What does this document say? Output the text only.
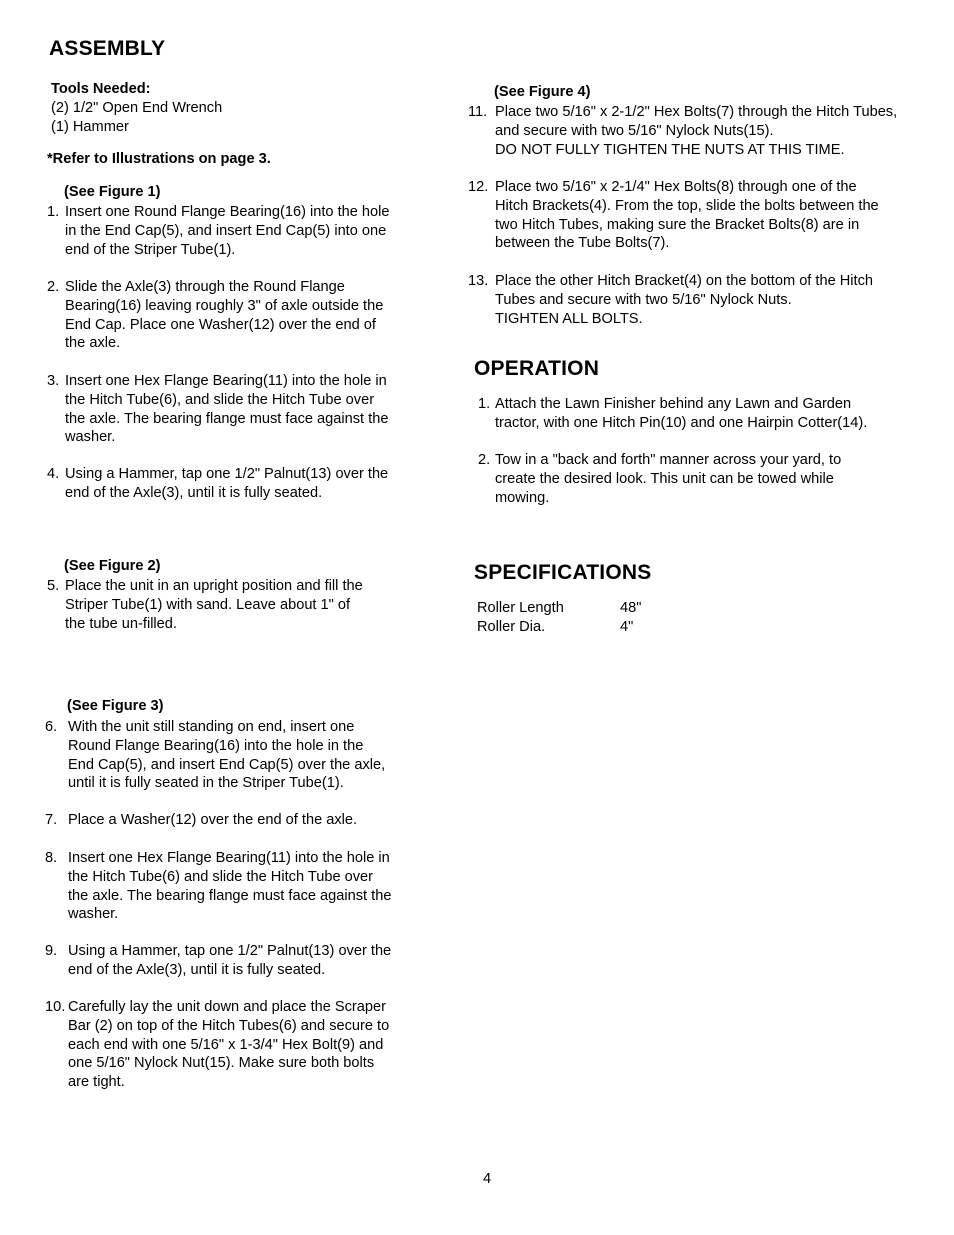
ASSEMBLY
Tools Needed:
(2) 1/2" Open End Wrench
(1) Hammer
*Refer to Illustrations on page 3.
(See Figure 1)
1. Insert one Round Flange Bearing(16) into the hole
in the End Cap(5), and insert End Cap(5) into one
end of the Striper Tube(1).
2. Slide the Axle(3) through the Round Flange
Bearing(16) leaving roughly 3" of axle outside the
End Cap. Place one Washer(12) over the end of
the axle.
3. Insert one Hex Flange Bearing(11) into the hole in
the Hitch Tube(6), and slide the Hitch Tube over
the axle. The bearing flange must face against the
washer.
4. Using a Hammer, tap one 1/2" Palnut(13) over the
end of the Axle(3), until it is fully seated.
(See Figure 2)
5. Place the unit in an upright position and fill the
Striper Tube(1) with sand. Leave about 1" of
the tube un-filled.
(See Figure 3)
6. With the unit still standing on end, insert one
Round Flange Bearing(16) into the hole in the
End Cap(5), and insert End Cap(5) over the axle,
until it is fully seated in the Striper Tube(1).
7. Place a Washer(12) over the end of the axle.
8. Insert one Hex Flange Bearing(11) into the hole in
the Hitch Tube(6) and slide the Hitch Tube over
the axle. The bearing flange must face against the
washer.
9. Using a Hammer, tap one 1/2" Palnut(13) over the
end of the Axle(3), until it is fully seated.
10. Carefully lay the unit down and place the Scraper
Bar (2) on top of the Hitch Tubes(6) and secure to
each end with one 5/16" x 1-3/4" Hex Bolt(9) and
one 5/16" Nylock Nut(15). Make sure both bolts
are tight.
(See Figure 4)
11. Place two 5/16" x 2-1/2" Hex Bolts(7) through the Hitch Tubes,
and secure with two 5/16" Nylock Nuts(15).
DO NOT FULLY TIGHTEN THE NUTS AT THIS TIME.
12. Place two 5/16" x 2-1/4" Hex Bolts(8) through one of the
Hitch Brackets(4). From the top, slide the bolts between the
two Hitch Tubes, making sure the Bracket Bolts(8) are in
between the Tube Bolts(7).
13. Place the other Hitch Bracket(4) on the bottom of the Hitch
Tubes and secure with two 5/16" Nylock Nuts.
TIGHTEN ALL BOLTS.
OPERATION
1. Attach the Lawn Finisher behind any Lawn and Garden
tractor, with one Hitch Pin(10) and one Hairpin Cotter(14).
2. Tow in a "back and forth" manner across your yard, to
create the desired look. This unit can be towed while
mowing.
SPECIFICATIONS
Roller Length	48"
Roller Dia.	4"
4
